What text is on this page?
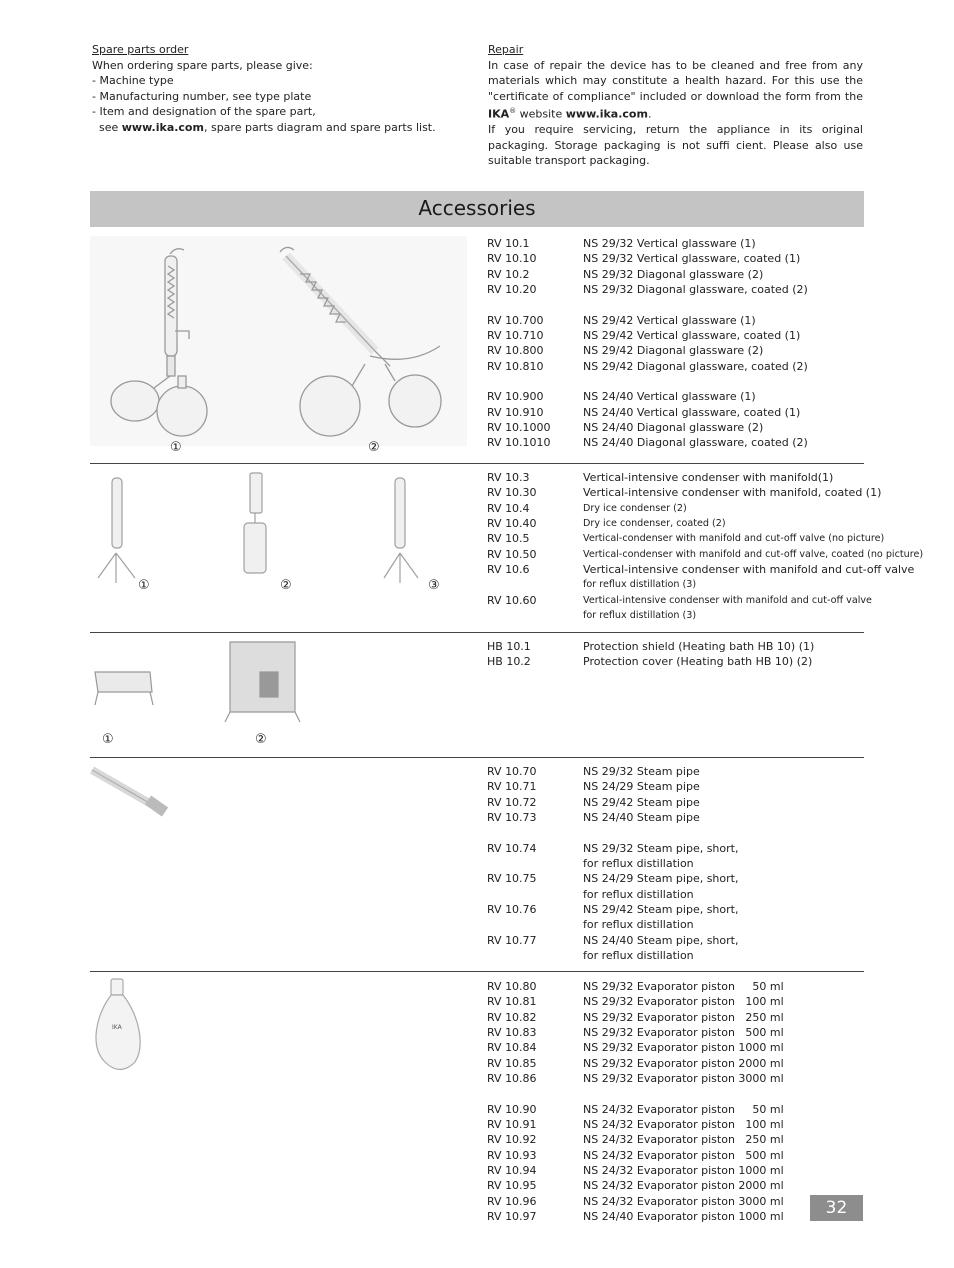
Spare parts order
When ordering spare parts, please give:
- Machine type
- Manufacturing number, see type plate
- Item and designation of the spare part,
see www.ika.com, spare parts diagram and spare parts list.
Repair
In case of repair the device has to be cleaned and free from any materials which may constitute a health hazard. For this use the "certificate of compliance" included or download the form from the IKA® website www.ika.com.
If you require servicing, return the appliance in its original packaging. Storage packaging is not suffi cient. Please also use suitable transport packaging.
Accessories
①	②
RV 10.1	NS 29/32 Vertical glassware (1)
RV 10.10	NS 29/32 Vertical glassware, coated (1)
RV 10.2	NS 29/32 Diagonal glassware (2)
RV 10.20	NS 29/32 Diagonal glassware, coated (2)
RV 10.700	NS 29/42 Vertical glassware (1)
RV 10.710	NS 29/42 Vertical glassware, coated (1)
RV 10.800	NS 29/42 Diagonal glassware (2)
RV 10.810	NS 29/42 Diagonal glassware, coated (2)
RV 10.900	NS 24/40 Vertical glassware (1)
RV 10.910	NS 24/40 Vertical glassware, coated (1)
RV 10.1000	NS 24/40 Diagonal glassware (2)
RV 10.1010	NS 24/40 Diagonal glassware, coated (2)
①	②	③
RV 10.3	Vertical-intensive condenser with manifold(1)
RV 10.30	Vertical-intensive condenser with manifold, coated (1)
RV 10.4	Dry ice condenser (2)
RV 10.40	Dry ice condenser, coated (2)
RV 10.5	Vertical-condenser with manifold and cut-off valve (no picture)
RV 10.50	Vertical-condenser with manifold and cut-off valve, coated (no picture)
RV 10.6	Vertical-intensive condenser with manifold and cut-off valve
for reflux distillation (3)
RV 10.60	Vertical-intensive condenser with manifold and cut-off valve
for reflux distillation (3)
①	②
HB 10.1	Protection shield (Heating bath HB 10) (1)
HB 10.2	Protection cover (Heating bath HB 10) (2)
RV 10.70	NS 29/32 Steam pipe
RV 10.71	NS 24/29 Steam pipe
RV 10.72	NS 29/42 Steam pipe
RV 10.73	NS 24/40 Steam pipe
RV 10.74	NS 29/32 Steam pipe, short,
for reflux distillation
RV 10.75	NS 24/29 Steam pipe, short,
for reflux distillation
RV 10.76	NS 29/42 Steam pipe, short,
for reflux distillation
RV 10.77	NS 24/40 Steam pipe, short,
for reflux distillation
IKA
RV 10.80	NS 29/32 Evaporator piston     50 ml
RV 10.81	NS 29/32 Evaporator piston   100 ml
RV 10.82	NS 29/32 Evaporator piston   250 ml
RV 10.83	NS 29/32 Evaporator piston   500 ml
RV 10.84	NS 29/32 Evaporator piston 1000 ml
RV 10.85	NS 29/32 Evaporator piston 2000 ml
RV 10.86	NS 29/32 Evaporator piston 3000 ml
RV 10.90	NS 24/32 Evaporator piston     50 ml
RV 10.91	NS 24/32 Evaporator piston   100 ml
RV 10.92	NS 24/32 Evaporator piston   250 ml
RV 10.93	NS 24/32 Evaporator piston   500 ml
RV 10.94	NS 24/32 Evaporator piston 1000 ml
RV 10.95	NS 24/32 Evaporator piston 2000 ml
RV 10.96	NS 24/32 Evaporator piston 3000 ml
RV 10.97	NS 24/40 Evaporator piston 1000 ml	32
